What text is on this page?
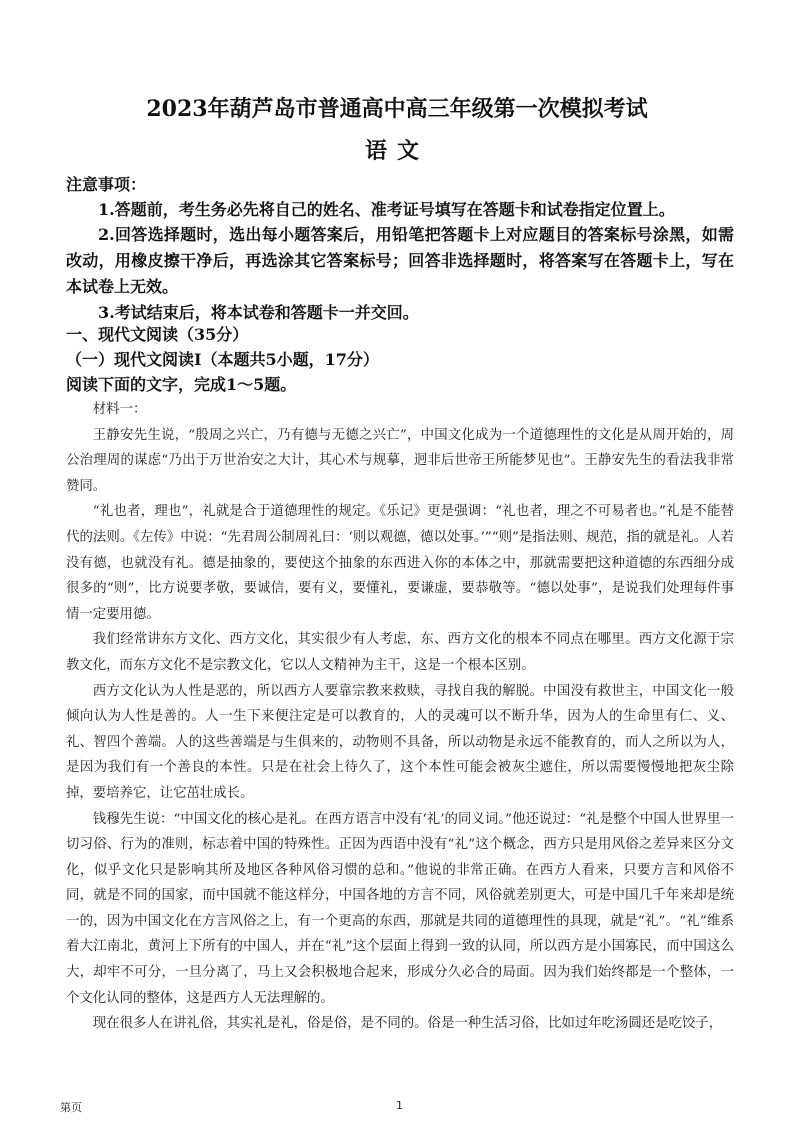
2023年葫芦岛市普通高中高三年级第一次模拟考试
语文
注意事项：

1.答题前，考生务必先将自己的姓名、准考证号填写在答题卡和试卷指定位置上。

2.回答选择题时，选出每小题答案后，用铅笔把答题卡上对应题目的答案标号涂黑，如需改动，用橡皮擦干净后，再选涂其它答案标号；回答非选择题时，将答案写在答题卡上，写在本试卷上无效。

3.考试结束后，将本试卷和答题卡一并交回。

一、现代文阅读（35分）
（一）现代文阅读Ⅰ（本题共5小题，17分）
阅读下面的文字，完成1～5题。

材料一：

王静安先生说，“殷周之兴亡，乃有德与无德之兴亡”，中国文化成为一个道德理性的文化是从周开始的，周公治理周的谋虑“乃出于万世治安之大计，其心术与规摹，迥非后世帝王所能梦见也”。王静安先生的看法我非常赞同。

“礼也者，理也”，礼就是合于道德理性的规定。《乐记》更是强调：“礼也者，理之不可易者也。”礼是不能替代的法则。《左传》中说：“先君周公制周礼曰：‘则以观德，德以处事。’”“则”是指法则、规范，指的就是礼。人若没有德，也就没有礼。德是抽象的，要使这个抽象的东西进入你的本体之中，那就需要把这种道德的东西细分成很多的“则”，比方说要孝敬，要诚信，要有义，要懂礼，要谦虚，要恭敬等。“德以处事”，是说我们处理每件事情一定要用德。

我们经常讲东方文化、西方文化，其实很少有人考虑，东、西方文化的根本不同点在哪里。西方文化源于宗教文化，而东方文化不是宗教文化，它以人文精神为主干，这是一个根本区别。

西方文化认为人性是恶的，所以西方人要靠宗教来救赎，寻找自我的解脱。中国没有救世主，中国文化一般倾向认为人性是善的。人一生下来便注定是可以教育的，人的灵魂可以不断升华，因为人的生命里有仁、义、礼、智四个善端。人的这些善端是与生俱来的，动物则不具备，所以动物是永远不能教育的，而人之所以为人，是因为我们有一个善良的本性。只是在社会上待久了，这个本性可能会被灰尘遮住，所以需要慢慢地把灰尘除掉，要培养它，让它茁壮成长。

钱穆先生说：“中国文化的核心是礼。在西方语言中没有‘礼’的同义词。”他还说过：“礼是整个中国人世界里一切习俗、行为的准则，标志着中国的特殊性。正因为西语中没有“礼”这个概念，西方只是用风俗之差异来区分文化，似乎文化只是影响其所及地区各种风俗习惯的总和。”他说的非常正确。在西方人看来，只要方言和风俗不同，就是不同的国家，而中国就不能这样分，中国各地的方言不同，风俗就差别更大，可是中国几千年来却是统一的，因为中国文化在方言风俗之上，有一个更高的东西，那就是共同的道德理性的具现，就是“礼”。“礼”维系着大江南北，黄河上下所有的中国人，并在“礼”这个层面上得到一致的认同，所以西方是小国寡民，而中国这么大，却牢不可分，一旦分离了，马上又会积极地合起来，形成分久必合的局面。因为我们始终都是一个整体，一个文化认同的整体，这是西方人无法理解的。

现在很多人在讲礼俗，其实礼是礼，俗是俗，是不同的。俗是一种生活习俗，比如过年吃汤圆还是吃饺子，

第页	1
